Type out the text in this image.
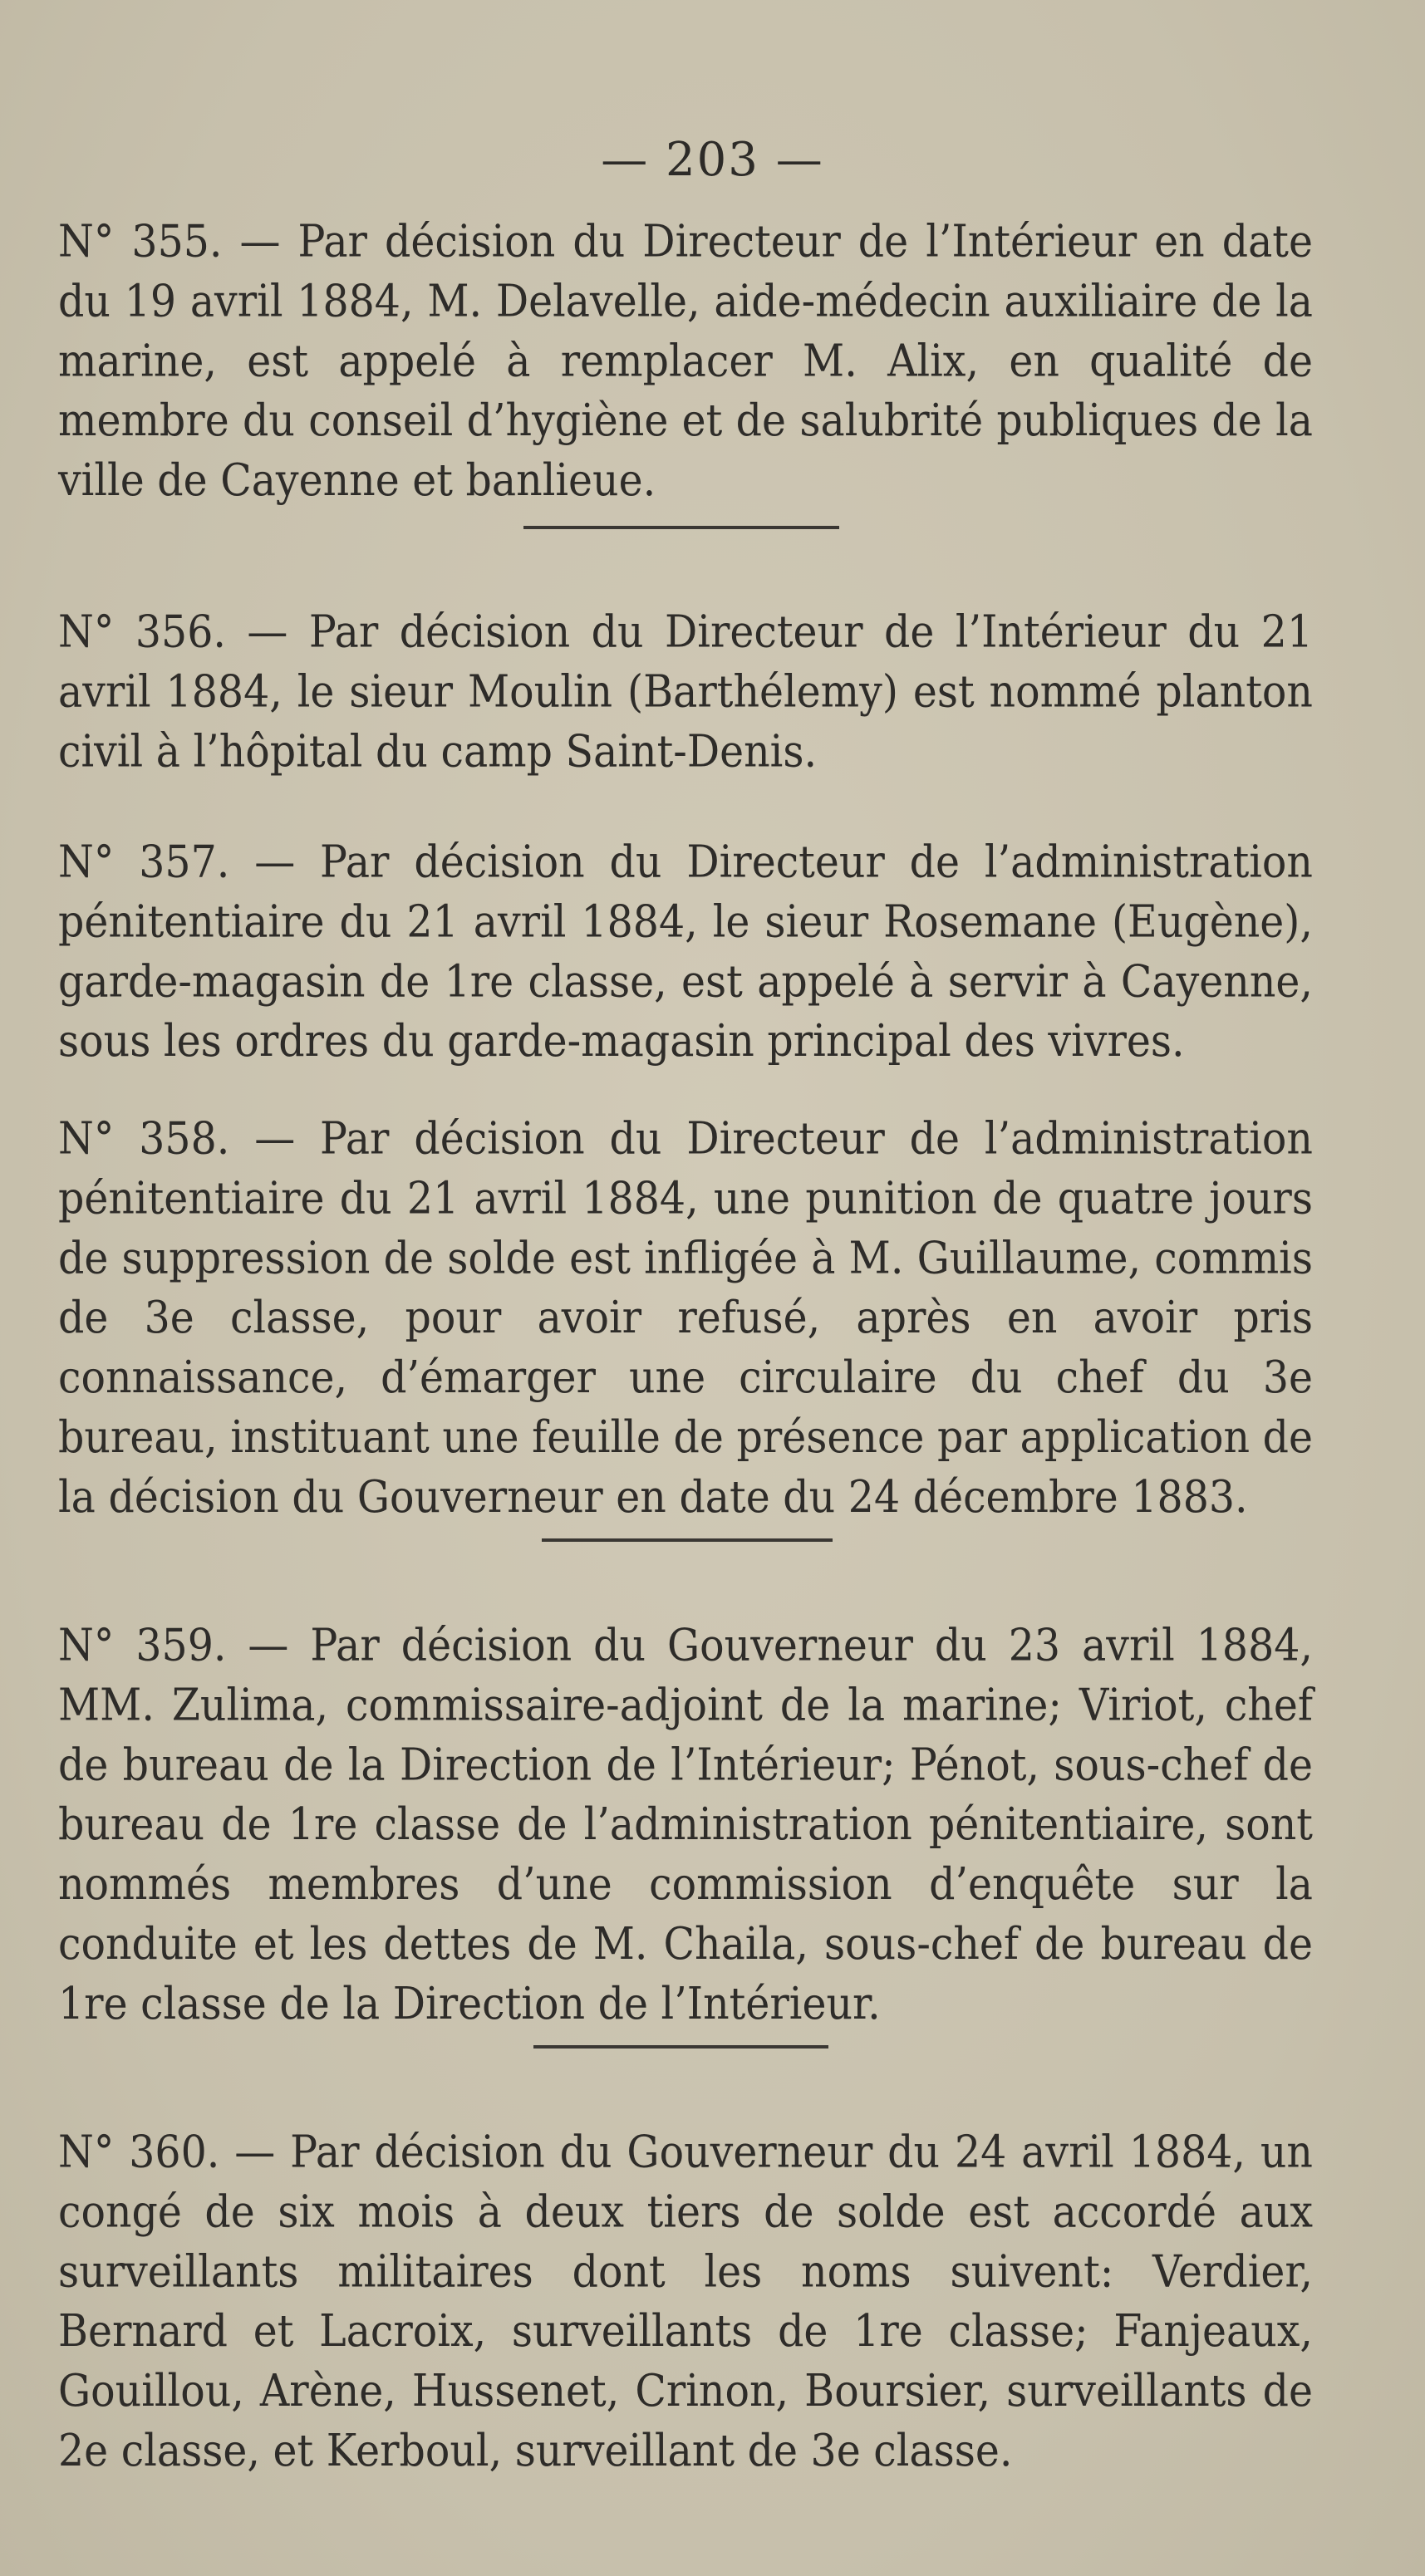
— 203 —

N° 355. — Par décision du Directeur de l’Intérieur en date du 19 avril 1884, M. Delavelle, aide-médecin auxiliaire de la marine, est appelé à remplacer M. Alix, en qualité de membre du conseil d’hygiène et de salubrité publiques de la ville de Cayenne et banlieue.

N° 356. — Par décision du Directeur de l’Intérieur du 21 avril 1884, le sieur Moulin (Barthélemy) est nommé planton civil à l’hôpital du camp Saint-Denis.

N° 357. — Par décision du Directeur de l’administration pénitentiaire du 21 avril 1884, le sieur Rosemane (Eugène), garde-magasin de 1re classe, est appelé à servir à Cayenne, sous les ordres du garde-magasin principal des vivres.

N° 358. — Par décision du Directeur de l’administration pénitentiaire du 21 avril 1884, une punition de quatre jours de suppression de solde est infligée à M. Guillaume, commis de 3e classe, pour avoir refusé, après en avoir pris connaissance, d’émarger une circulaire du chef du 3e bureau, instituant une feuille de présence par application de la décision du Gouverneur en date du 24 décembre 1883.

N° 359. — Par décision du Gouverneur du 23 avril 1884, MM. Zulima, commissaire-adjoint de la marine; Viriot, chef de bureau de la Direction de l’Intérieur; Pénot, sous-chef de bureau de 1re classe de l’administration pénitentiaire, sont nommés membres d’une commission d’enquête sur la conduite et les dettes de M. Chaila, sous-chef de bureau de 1re classe de la Direction de l’Intérieur.

N° 360. — Par décision du Gouverneur du 24 avril 1884, un congé de six mois à deux tiers de solde est accordé aux surveillants militaires dont les noms suivent: Verdier, Bernard et Lacroix, surveillants de 1re classe; Fanjeaux, Gouillou, Arène, Hussenet, Crinon, Boursier, surveillants de 2e classe, et Kerboul, surveillant de 3e classe.
